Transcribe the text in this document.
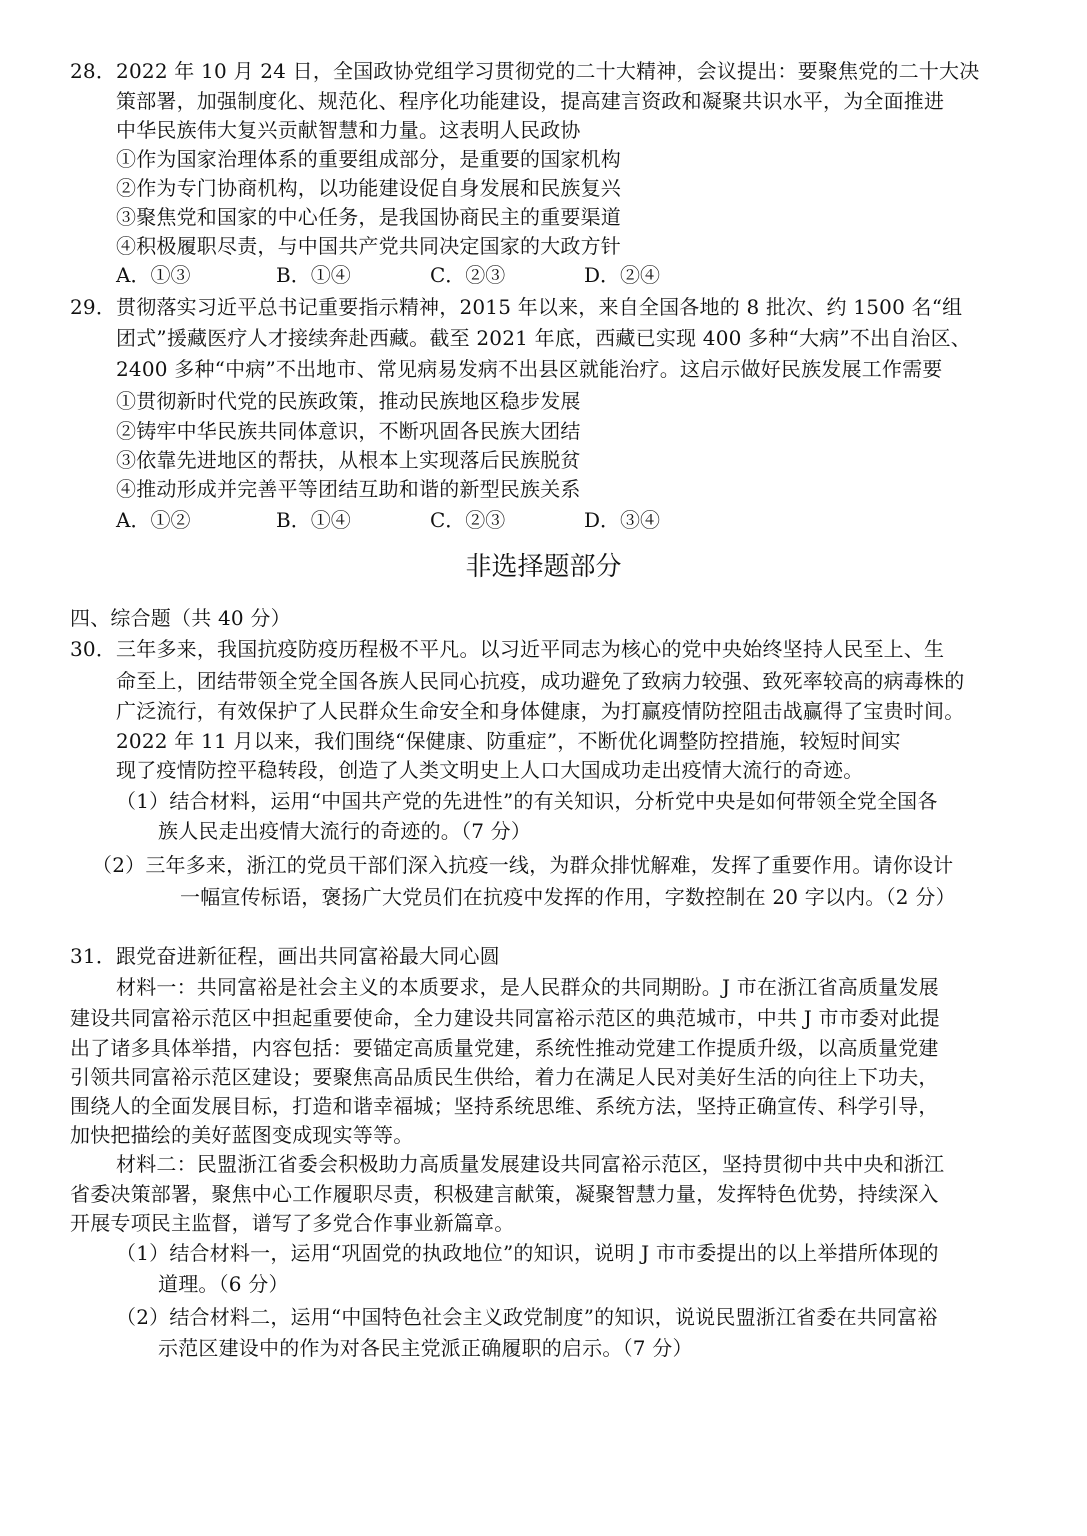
28．2022 年 10 月 24 日，全国政协党组学习贯彻党的二十大精神，会议提出：要聚焦党的二十大决
策部署，加强制度化、规范化、程序化功能建设，提高建言资政和凝聚共识水平，为全面推进
中华民族伟大复兴贡献智慧和力量。这表明人民政协
①作为国家治理体系的重要组成部分，是重要的国家机构
②作为专门协商机构，以功能建设促自身发展和民族复兴
③聚焦党和国家的中心任务，是我国协商民主的重要渠道
④积极履职尽责，与中国共产党共同决定国家的大政方针
A．①③	B．①④	C．②③	D．②④
29．贯彻落实习近平总书记重要指示精神，2015 年以来，来自全国各地的 8 批次、约 1500 名“组
团式”援藏医疗人才接续奔赴西藏。截至 2021 年底，西藏已实现 400 多种“大病”不出自治区、
2400 多种“中病”不出地市、常见病易发病不出县区就能治疗。这启示做好民族发展工作需要
①贯彻新时代党的民族政策，推动民族地区稳步发展
②铸牢中华民族共同体意识，不断巩固各民族大团结
③依靠先进地区的帮扶，从根本上实现落后民族脱贫
④推动形成并完善平等团结互助和谐的新型民族关系
A．①②	B．①④	C．②③	D．③④
非选择题部分
四、综合题（共 40 分）
30．三年多来，我国抗疫防疫历程极不平凡。以习近平同志为核心的党中央始终坚持人民至上、生
命至上，团结带领全党全国各族人民同心抗疫，成功避免了致病力较强、致死率较高的病毒株的
广泛流行，有效保护了人民群众生命安全和身体健康，为打赢疫情防控阻击战赢得了宝贵时间。
2022 年 11 月以来，我们围绕“保健康、防重症”，不断优化调整防控措施，较短时间实
现了疫情防控平稳转段，创造了人类文明史上人口大国成功走出疫情大流行的奇迹。
（1）结合材料，运用“中国共产党的先进性”的有关知识，分析党中央是如何带领全党全国各
族人民走出疫情大流行的奇迹的。（7 分）
（2）三年多来，浙江的党员干部们深入抗疫一线，为群众排忧解难，发挥了重要作用。请你设计
一幅宣传标语，褒扬广大党员们在抗疫中发挥的作用，字数控制在 20 字以内。（2 分）
31．跟党奋进新征程，画出共同富裕最大同心圆
材料一：共同富裕是社会主义的本质要求，是人民群众的共同期盼。J 市在浙江省高质量发展
建设共同富裕示范区中担起重要使命，全力建设共同富裕示范区的典范城市，中共 J 市市委对此提
出了诸多具体举措，内容包括：要锚定高质量党建，系统性推动党建工作提质升级，以高质量党建
引领共同富裕示范区建设；要聚焦高品质民生供给，着力在满足人民对美好生活的向往上下功夫，
围绕人的全面发展目标，打造和谐幸福城；坚持系统思维、系统方法，坚持正确宣传、科学引导，
加快把描绘的美好蓝图变成现实等等。
材料二：民盟浙江省委会积极助力高质量发展建设共同富裕示范区，坚持贯彻中共中央和浙江
省委决策部署，聚焦中心工作履职尽责，积极建言献策，凝聚智慧力量，发挥特色优势，持续深入
开展专项民主监督，谱写了多党合作事业新篇章。
（1）结合材料一，运用“巩固党的执政地位”的知识，说明 J 市市委提出的以上举措所体现的
道理。（6 分）
（2）结合材料二，运用“中国特色社会主义政党制度”的知识，说说民盟浙江省委在共同富裕
示范区建设中的作为对各民主党派正确履职的启示。（7 分）
